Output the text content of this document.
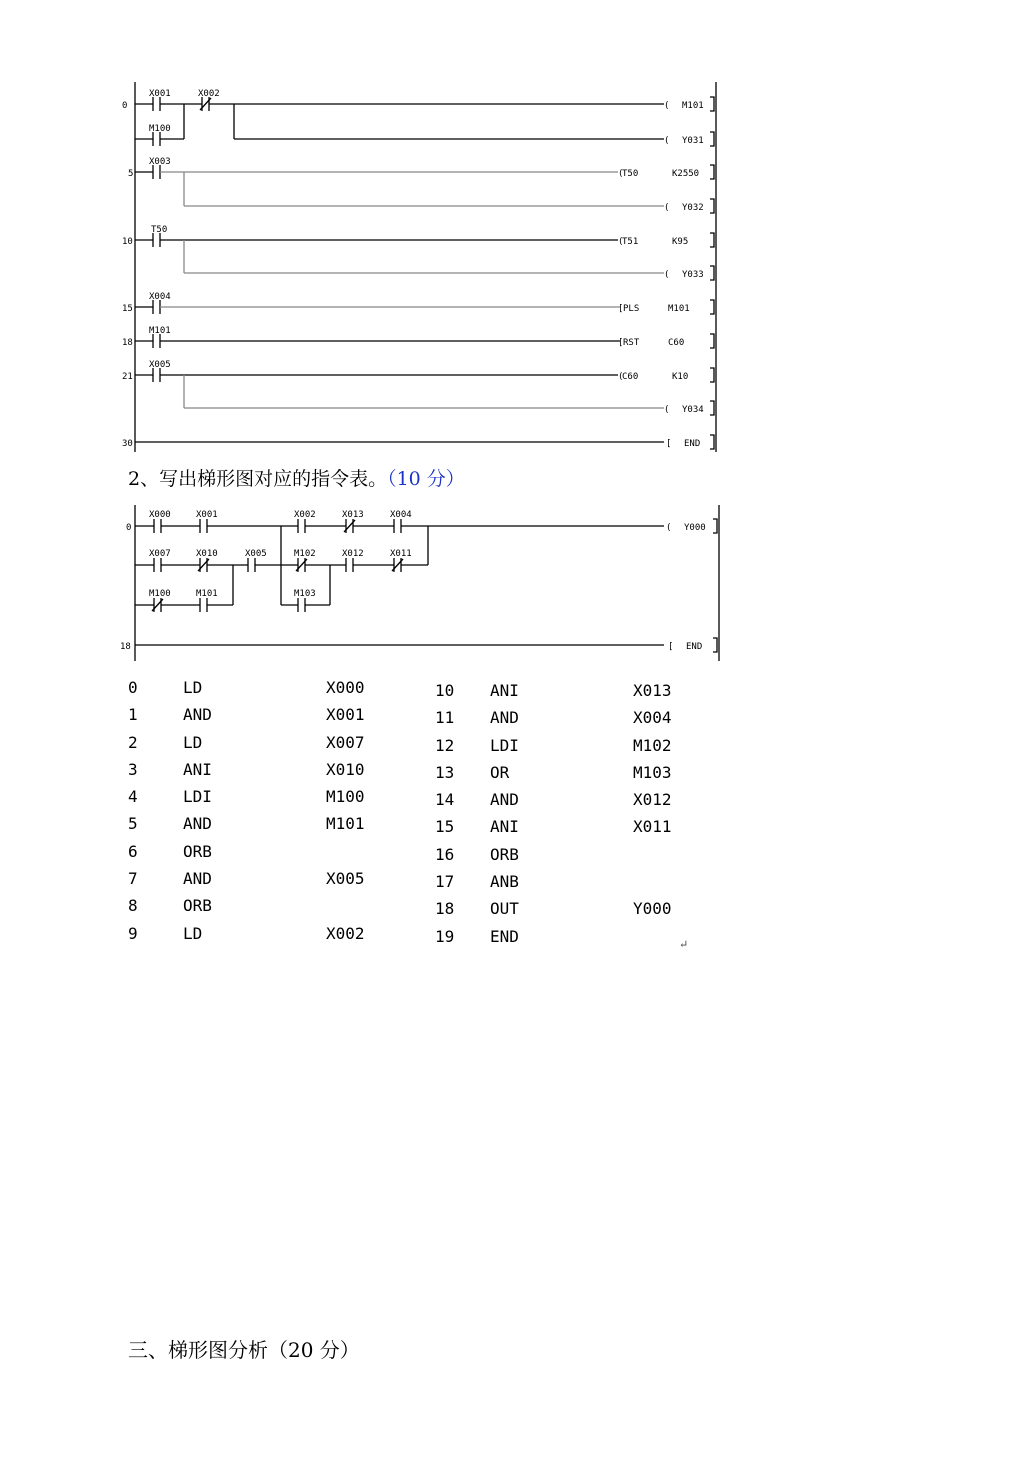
0
5
10
15
18
21
30
X001	X002
M100
X003
T50
X004
M101
X005
( M101
( Y031
(
T50	K2550
( Y032
(
T51	K95
( Y033
[ PLS	M101
[ RST	C60
(
C60	K10
( Y034
[ END
2、写出梯形图对应的指令表。（10 分）
0
18
X000	X001	X002	X013	X004
X007	X010	X005	M102	X012	X011
M100	M101	M103
( Y000
[ END
0	LD	X000
1	AND	X001
2	LD	X007
3	ANI	X010
4	LDI	M100
5	AND	M101
6	ORB
7	AND	X005
8	ORB
9	LD	X002
10 ANI	X013
11 AND	X004
12 LDI	M102
13 OR	M103
14 AND	X012
15 ANI	X011
16 ORB
17 ANB
18 OUT	Y000
19 END	↵
三、梯形图分析（20 分）
